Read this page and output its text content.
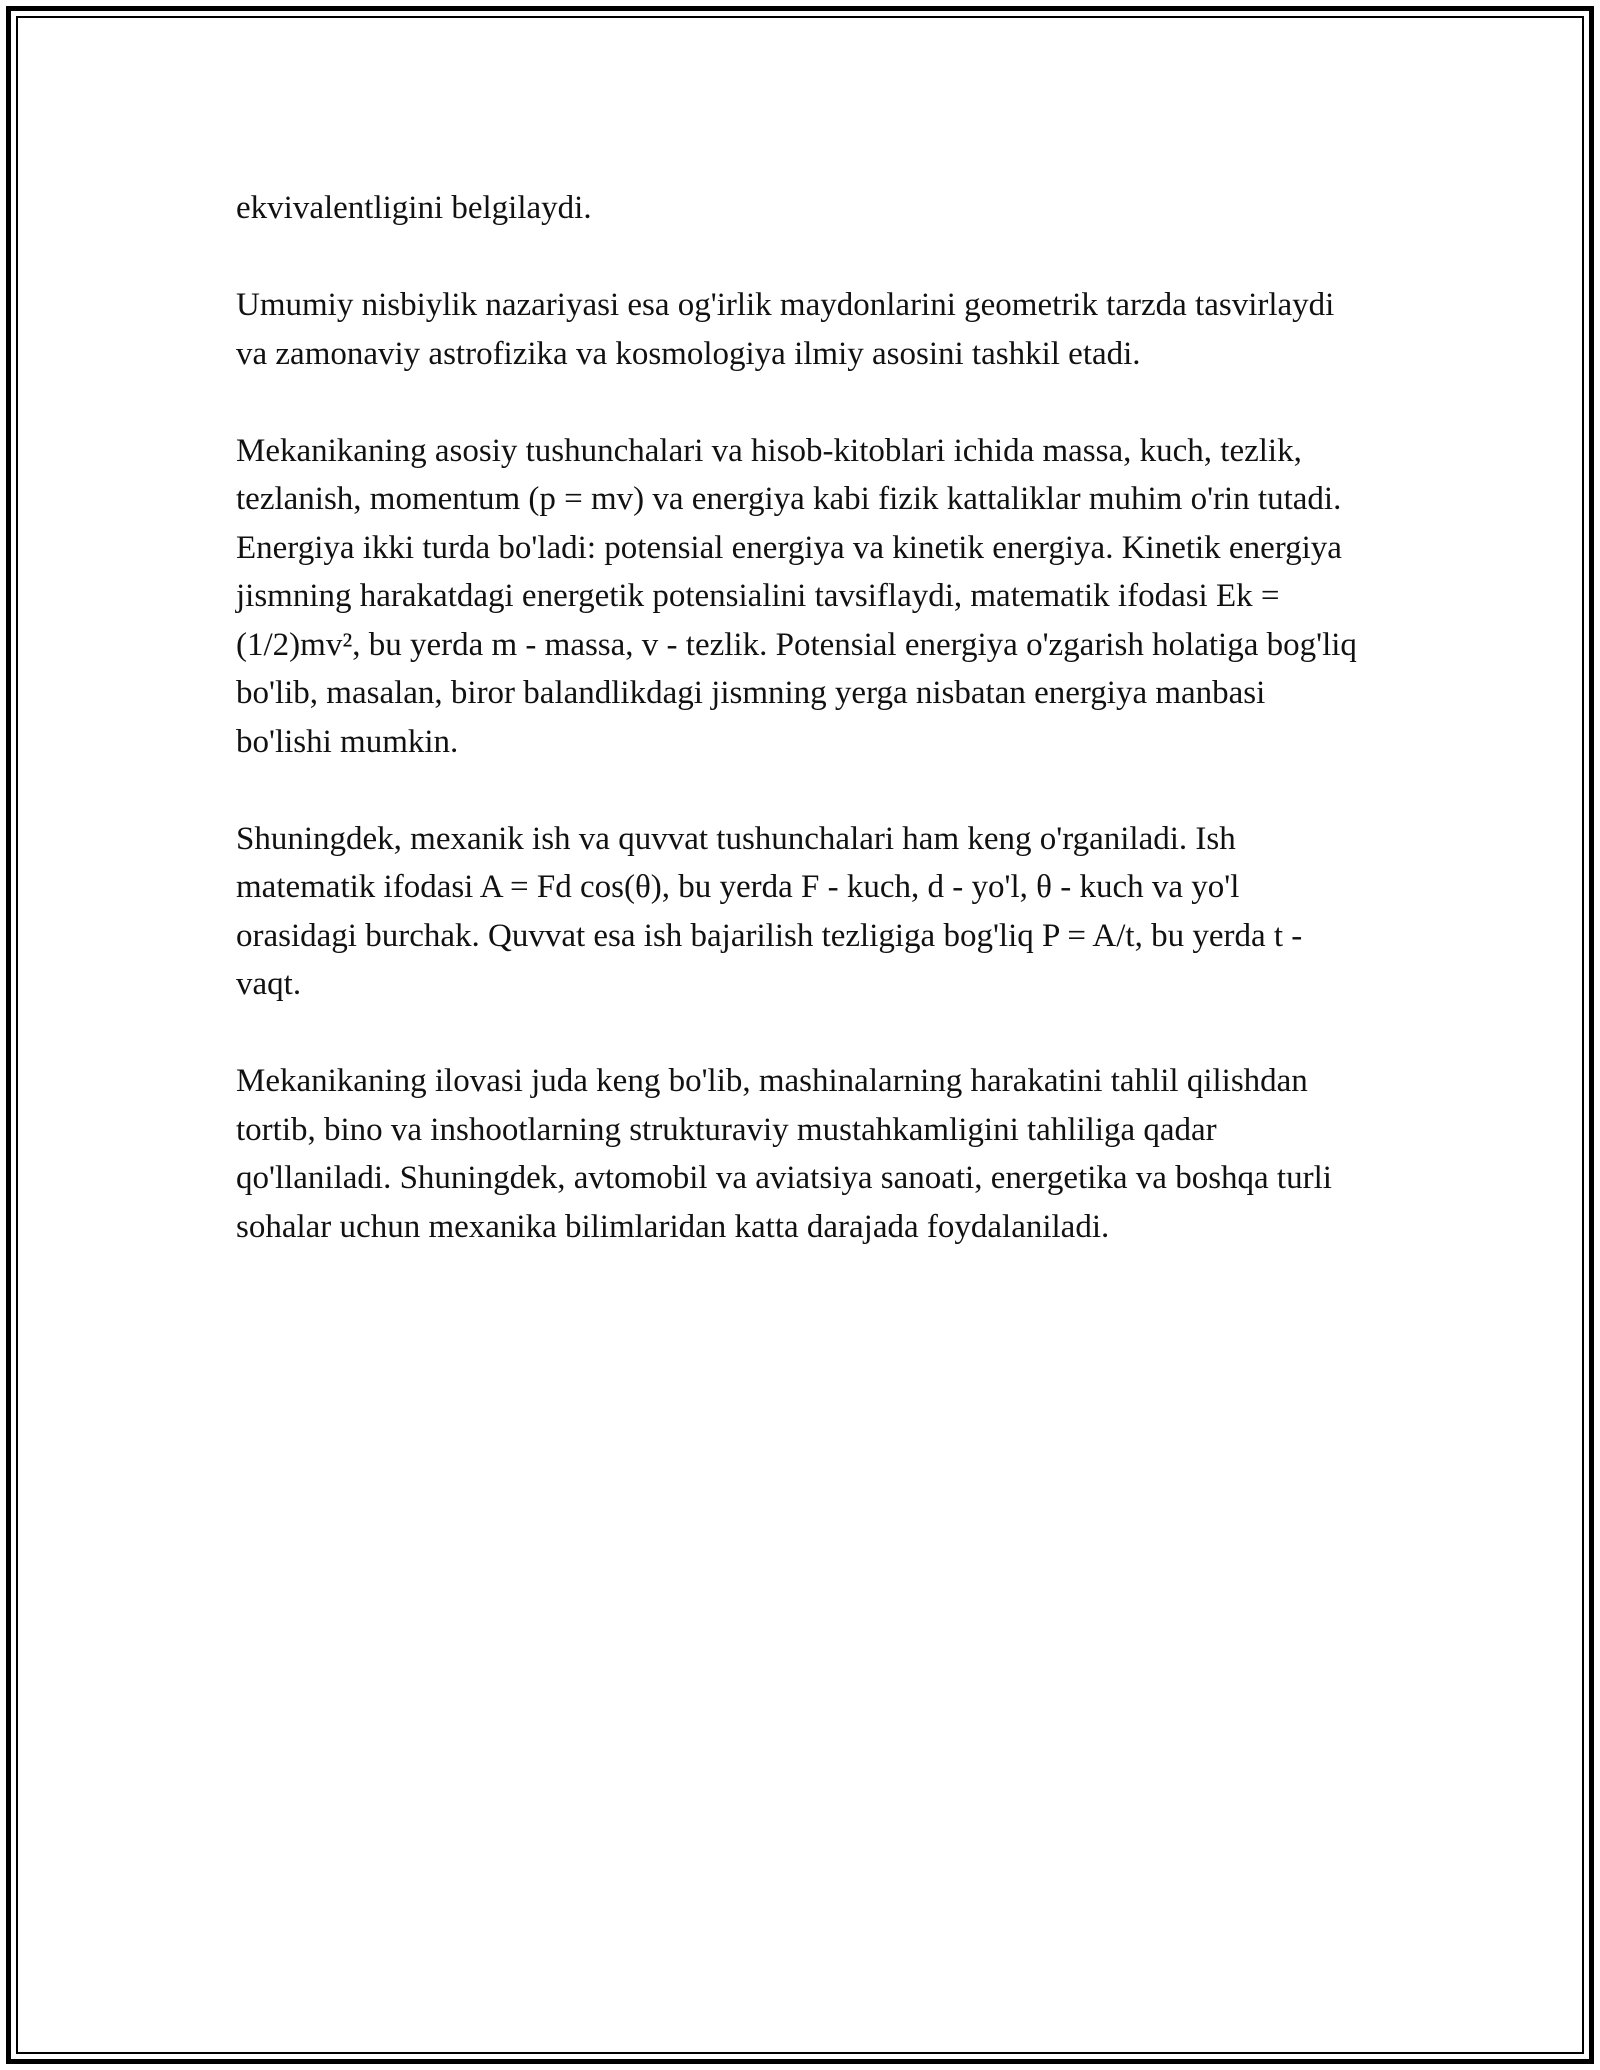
ekvivalentligini belgilaydi.

Umumiy nisbiylik nazariyasi esa og'irlik maydonlarini geometrik tarzda tasvirlaydi va zamonaviy astrofizika va kosmologiya ilmiy asosini tashkil etadi.

Mekanikaning asosiy tushunchalari va hisob-kitoblari ichida massa, kuch, tezlik, tezlanish, momentum (p = mv) va energiya kabi fizik kattaliklar muhim o'rin tutadi. Energiya ikki turda bo'ladi: potensial energiya va kinetik energiya. Kinetik energiya jismning harakatdagi energetik potensialini tavsiflaydi, matematik ifodasi Ek = (1/2)mv², bu yerda m - massa, v - tezlik. Potensial energiya o'zgarish holatiga bog'liq bo'lib, masalan, biror balandlikdagi jismning yerga nisbatan energiya manbasi bo'lishi mumkin.

Shuningdek, mexanik ish va quvvat tushunchalari ham keng o'rganiladi. Ish matematik ifodasi A = Fd cos(θ), bu yerda F - kuch, d - yo'l, θ - kuch va yo'l orasidagi burchak. Quvvat esa ish bajarilish tezligiga bog'liq P = A/t, bu yerda t - vaqt.

Mekanikaning ilovasi juda keng bo'lib, mashinalarning harakatini tahlil qilishdan tortib, bino va inshootlarning strukturaviy mustahkamligini tahliliga qadar qo'llaniladi. Shuningdek, avtomobil va aviatsiya sanoati, energetika va boshqa turli sohalar uchun mexanika bilimlaridan katta darajada foydalaniladi.
